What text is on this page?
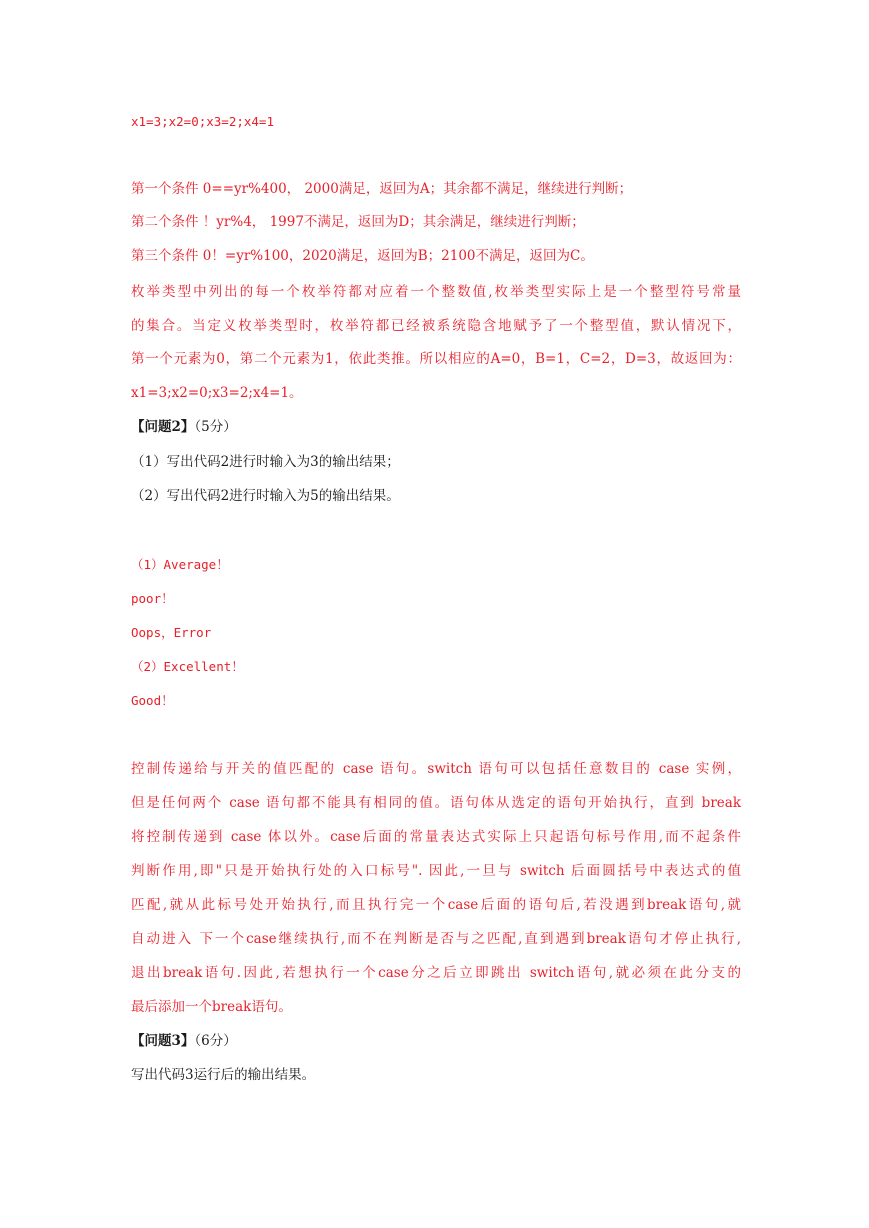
x1=3;x2=0;x3=2;x4=1
第一个条件 0==yr%400， 2000满足，返回为A；其余都不满足，继续进行判断；
第二个条件 ！yr%4， 1997不满足，返回为D；其余满足，继续进行判断；
第三个条件 0！=yr%100，2020满足，返回为B；2100不满足，返回为C。
枚举类型中列出的每一个枚举符都对应着一个整数值,枚举类型实际上是一个整型符号常量
的集合。当定义枚举类型时，枚举符都已经被系统隐含地赋予了一个整型值，默认情况下，
第一个元素为0，第二个元素为1，依此类推。所以相应的A=0，B=1，C=2，D=3，故返回为：
x1=3;x2=0;x3=2;x4=1。
【问题2】（5分）
（1）写出代码2进行时输入为3的输出结果；
（2）写出代码2进行时输入为5的输出结果。
（1）Average！
poor！
Oops，Error
（2）Excellent！
Good！
控制传递给与开关的值匹配的 case 语句。switch 语句可以包括任意数目的 case 实例，
但是任何两个 case 语句都不能具有相同的值。语句体从选定的语句开始执行，直到 break
将控制传递到 case 体以外。case后面的常量表达式实际上只起语句标号作用,而不起条件
判断作用,即"只是开始执行处的入口标号". 因此,一旦与 switch 后面圆括号中表达式的值
匹配,就从此标号处开始执行,而且执行完一个case后面的语句后,若没遇到break语句,就
自动进入 下一个case继续执行,而不在判断是否与之匹配,直到遇到break语句才停止执行,
退出break语句.因此,若想执行一个case分之后立即跳出 switch语句,就必须在此分支的
最后添加一个break语句。
【问题3】（6分）
写出代码3运行后的输出结果。
